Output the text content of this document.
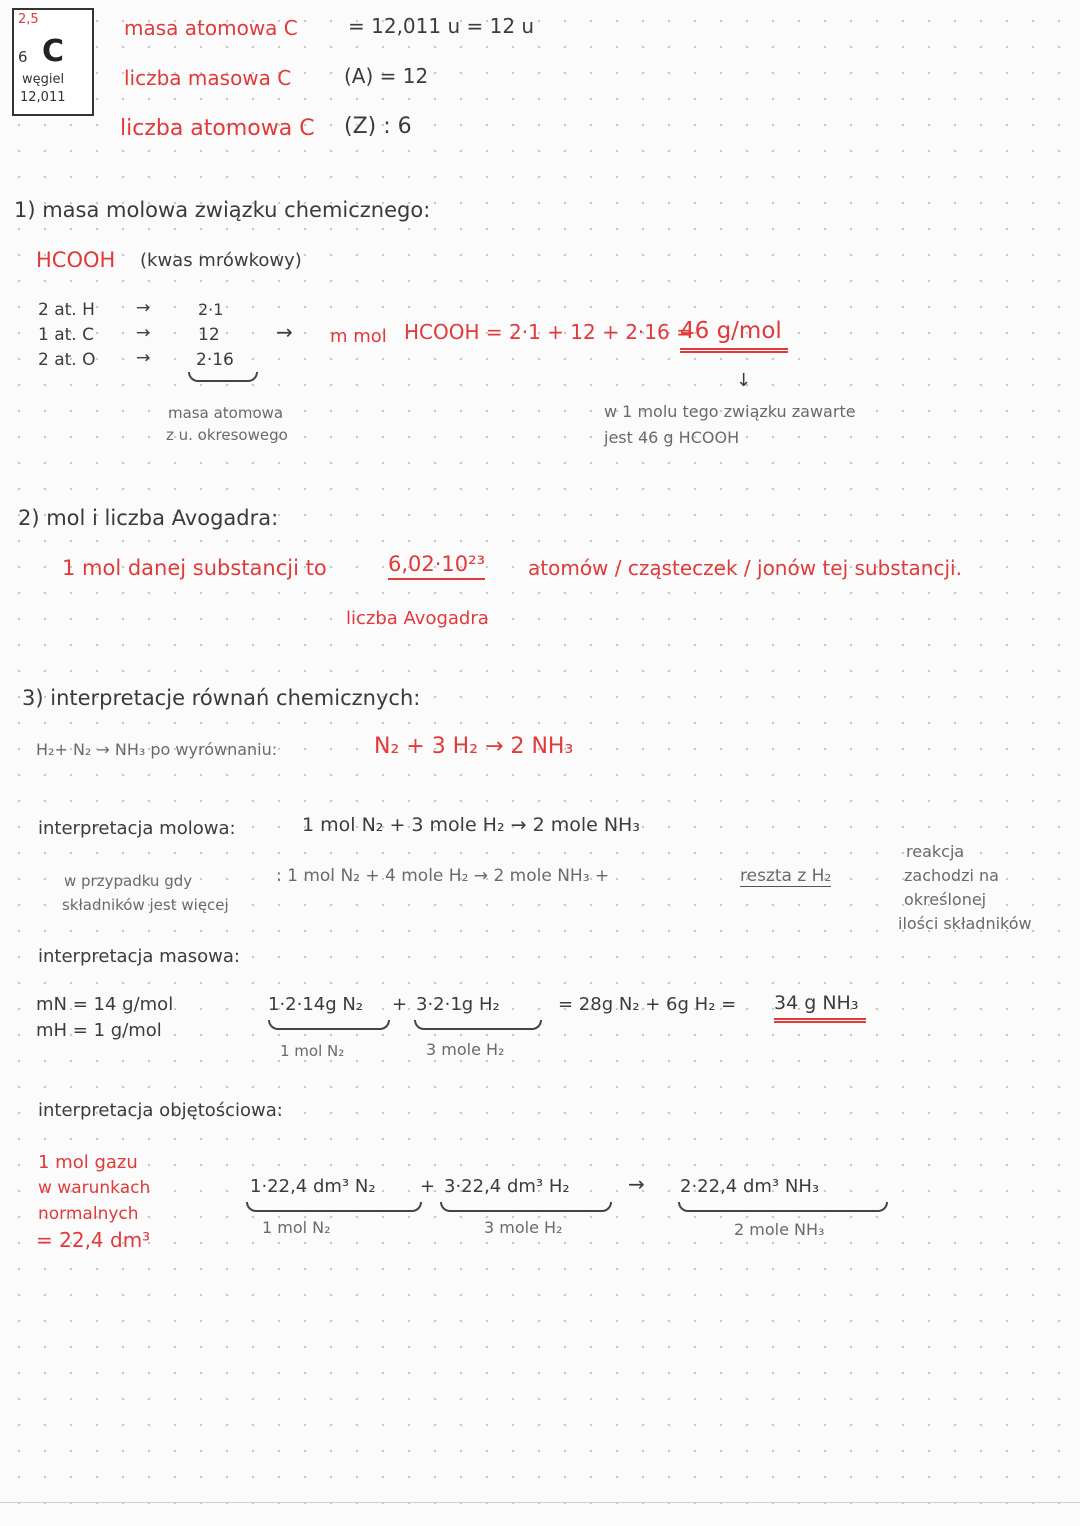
2,5
6 C
węgiel
12,011
masa atomowa C	= 12,011 u = 12 u
liczba masowa C	(A) = 12
liczba atomowa C (Z) : 6
1) masa molowa związku chemicznego:
HCOOH (kwas mrówkowy)
2 at. H →	2·1
1 at. C →	12
2 at. O →	2·16
masa atomowa
z u. okresowego
→ m mol HCOOH = 2·1 + 12 + 2·16 =
46 g/mol
↓
w 1 molu tego związku zawarte
jest 46 g HCOOH
2) mol i liczba Avogadra:
1 mol danej substancji to	6,02·10²³ atomów / cząsteczek / jonów tej substancji.
liczba Avogadra
3) interpretacje równań chemicznych:
H₂+ N₂ → NH₃ po wyrównaniu:	N₂ + 3 H₂ → 2 NH₃
interpretacja molowa:	1 mol N₂ + 3 mole H₂ → 2 mole NH₃
w przypadku gdy
składników jest więcej
: 1 mol N₂ + 4 mole H₂ → 2 mole NH₃ +	reszta z H₂
reakcja
zachodzi na
określonej
ilości składników
interpretacja masowa:
mN = 14 g/mol
mH = 1 g/mol
1·2·14g N₂ + 3·2·1g H₂	= 28g N₂ + 6g H₂ = 34 g NH₃
1 mol N₂	3 mole H₂
interpretacja objętościowa:
1 mol gazu
w warunkach
normalnych
= 22,4 dm³
1·22,4 dm³ N₂ + 3·22,4 dm³ H₂	→ 2·22,4 dm³ NH₃
1 mol N₂	3 mole H₂	2 mole NH₃
